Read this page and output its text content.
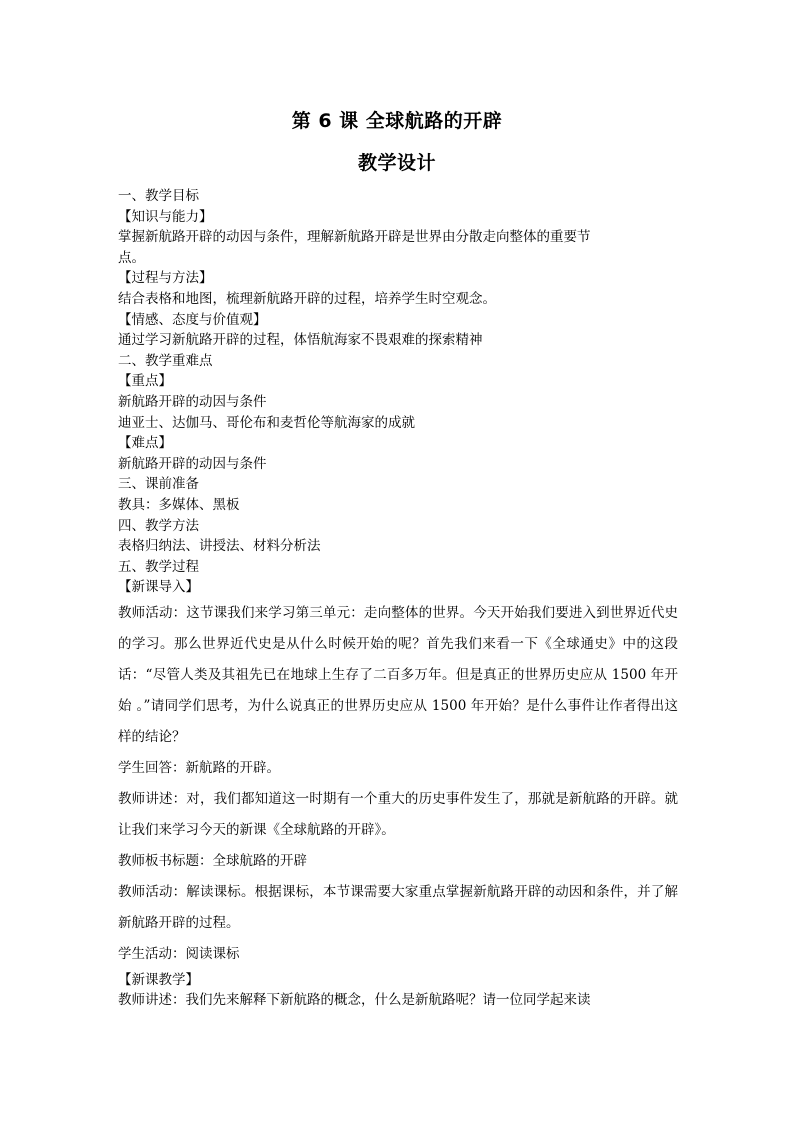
第 6 课 全球航路的开辟
教学设计

一、教学目标

【知识与能力】

掌握新航路开辟的动因与条件，理解新航路开辟是世界由分散走向整体的重要节

点。

【过程与方法】

结合表格和地图，梳理新航路开辟的过程，培养学生时空观念。

【情感、态度与价值观】

通过学习新航路开辟的过程，体悟航海家不畏艰难的探索精神

二、教学重难点

【重点】

新航路开辟的动因与条件

迪亚士、达伽马、哥伦布和麦哲伦等航海家的成就

【难点】

新航路开辟的动因与条件

三、课前准备

教具：多媒体、黑板

四、教学方法

表格归纳法、讲授法、材料分析法

五、教学过程

【新课导入】

教师活动：这节课我们来学习第三单元：走向整体的世界。今天开始我们要进入到世界近代史的学习。那么世界近代史是从什么时候开始的呢？首先我们来看一下《全球通史》中的这段话：“尽管人类及其祖先已在地球上生存了二百多万年。但是真正的世界历史应从 1500 年开始 。”请同学们思考，为什么说真正的世界历史应从 1500 年开始？是什么事件让作者得出这样的结论？

学生回答：新航路的开辟。

教师讲述：对，我们都知道这一时期有一个重大的历史事件发生了，那就是新航路的开辟。就让我们来学习今天的新课《全球航路的开辟》。

教师板书标题：全球航路的开辟

教师活动：解读课标。根据课标，本节课需要大家重点掌握新航路开辟的动因和条件，并了解新航路开辟的过程。

学生活动：阅读课标

【新课教学】

教师讲述：我们先来解释下新航路的概念，什么是新航路呢？请一位同学起来读
